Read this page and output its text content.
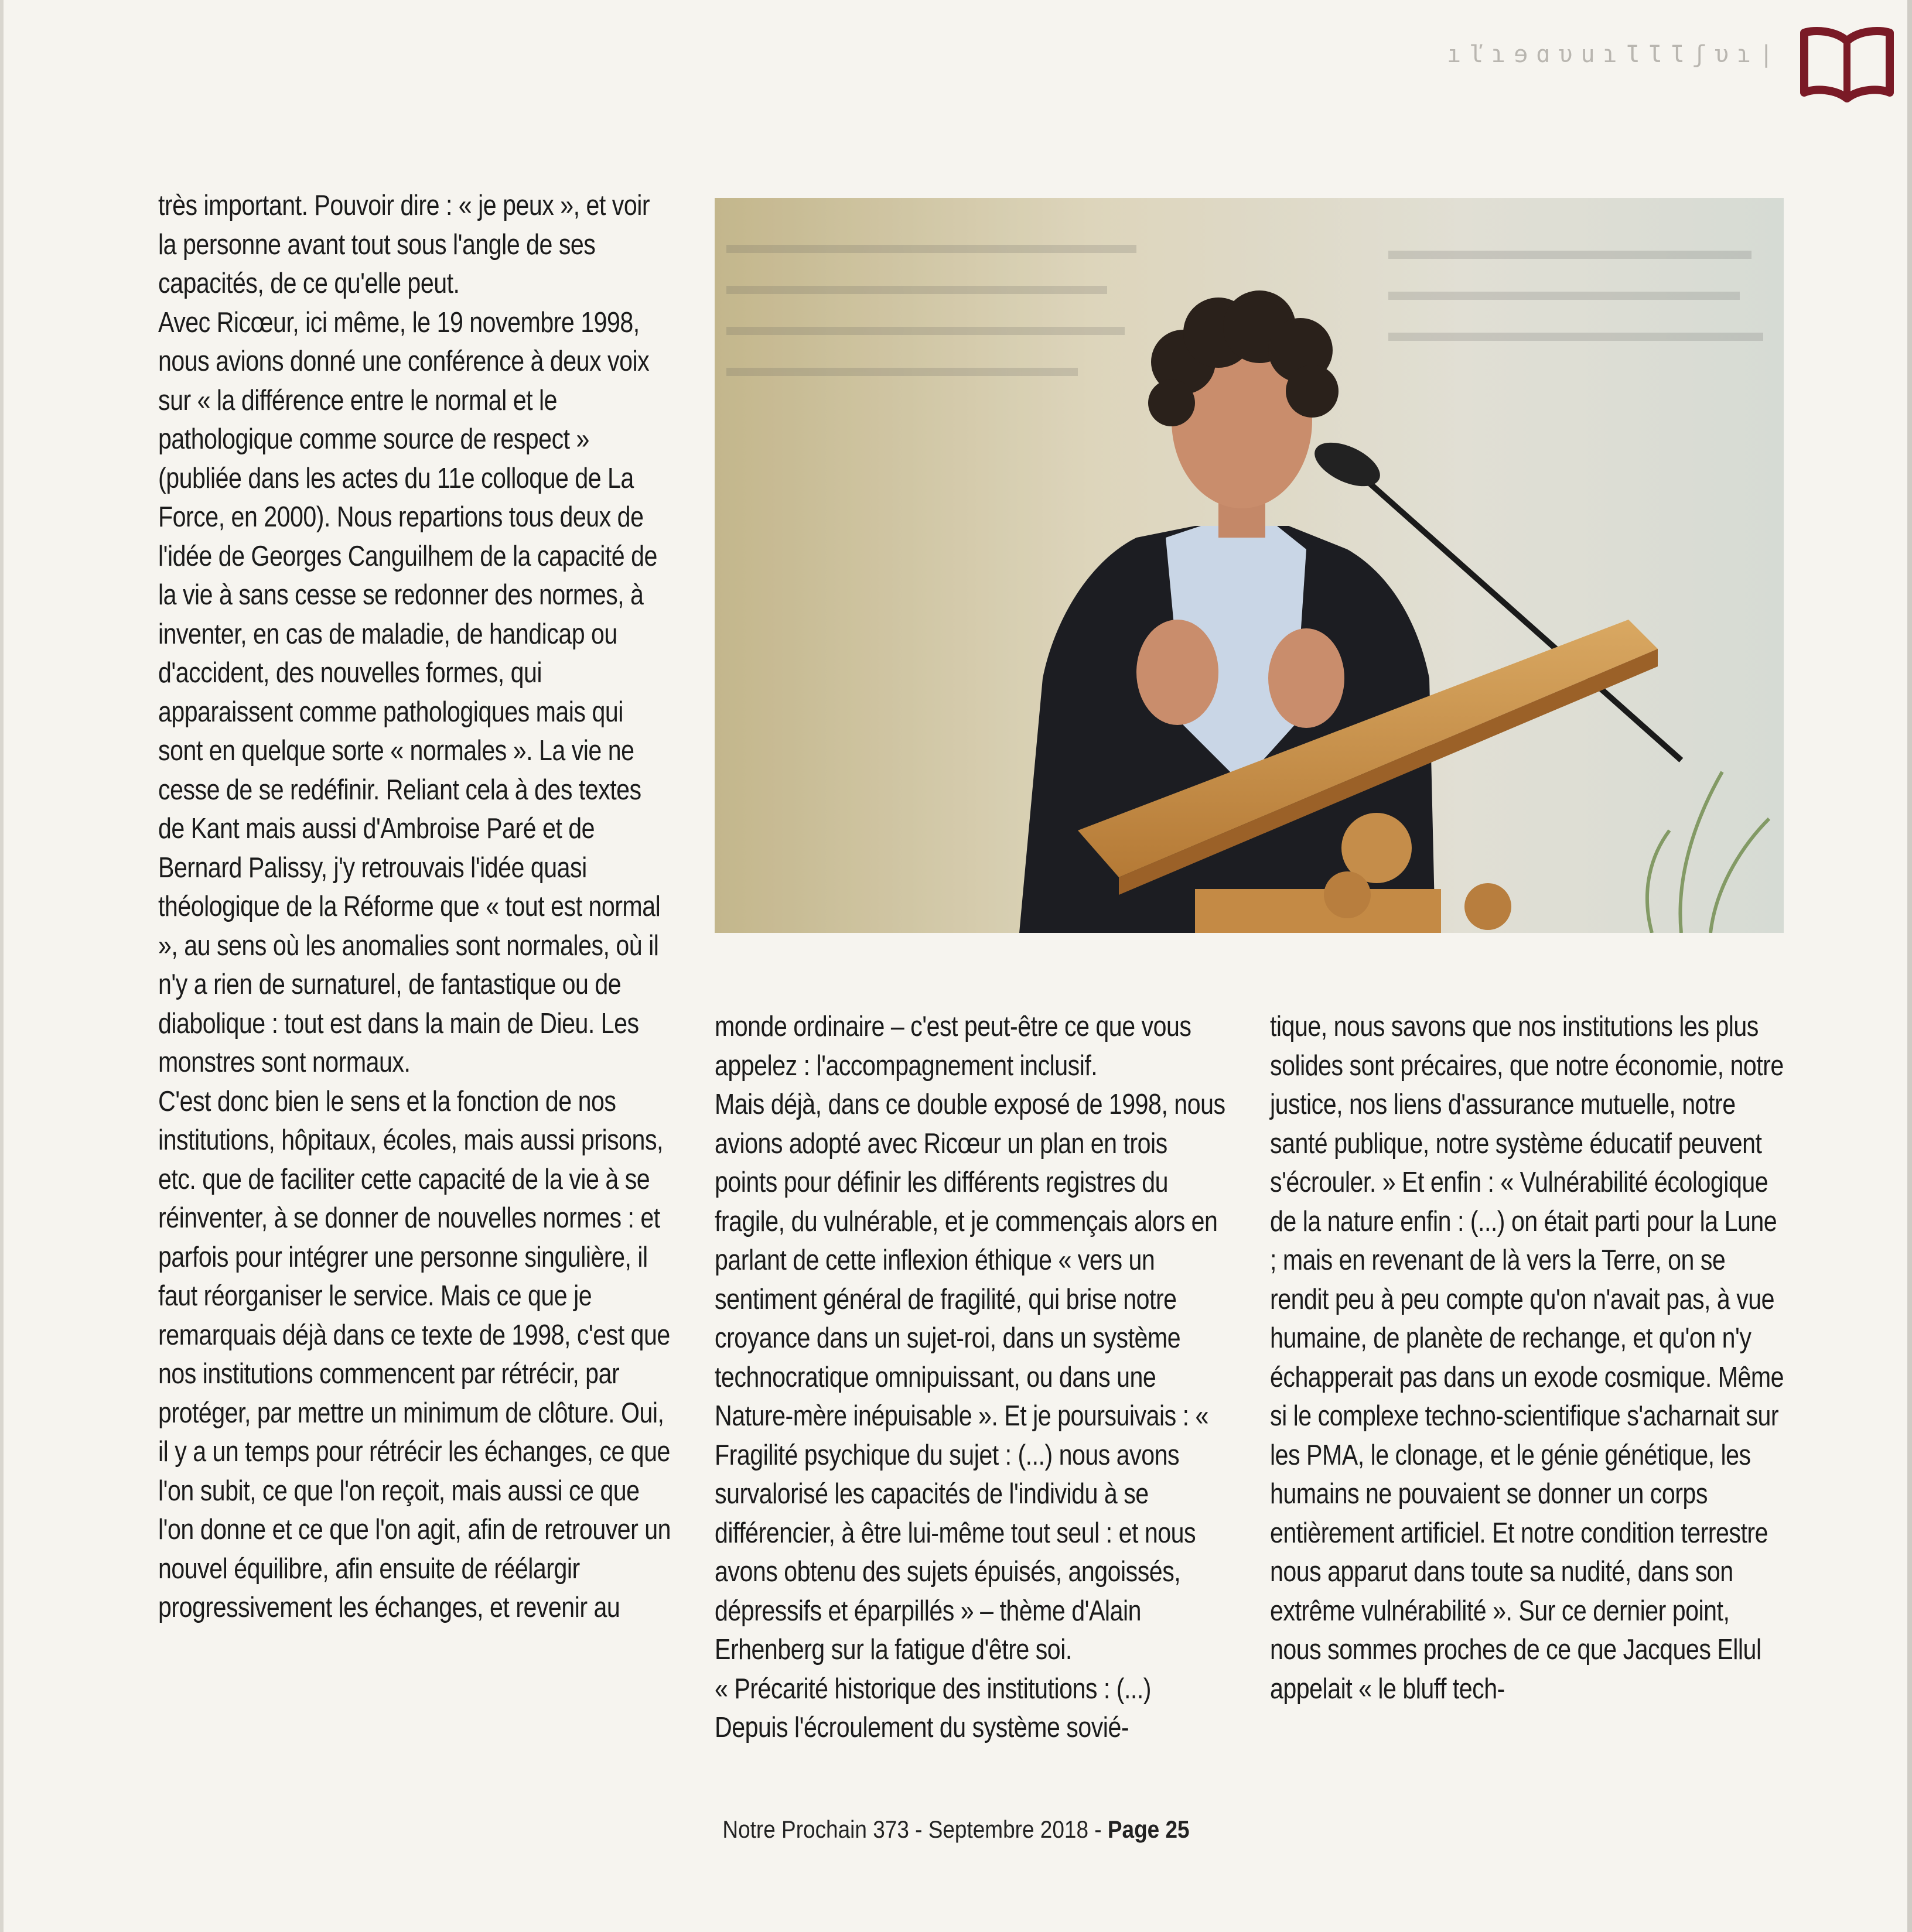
ıľɿɘɑυuɿƖƖƖʃυɿ|

très important. Pouvoir dire : « je peux », et voir la personne avant tout sous l'angle de ses capacités, de ce qu'elle peut.

Avec Ricœur, ici même, le 19 novembre 1998, nous avions donné une conférence à deux voix sur « la différence entre le normal et le pathologique comme source de respect » (publiée dans les actes du 11e colloque de La Force, en 2000). Nous repartions tous deux de l'idée de Georges Canguilhem de la capacité de la vie à sans cesse se redonner des normes, à inventer, en cas de maladie, de handicap ou d'accident, des nouvelles formes, qui apparaissent comme pathologiques mais qui sont en quelque sorte « normales ». La vie ne cesse de se redéfinir. Reliant cela à des textes de Kant mais aussi d'Ambroise Paré et de Bernard Palissy, j'y retrouvais l'idée quasi théologique de la Réforme que « tout est normal », au sens où les anomalies sont normales, où il n'y a rien de surnaturel, de fantastique ou de diabolique : tout est dans la main de Dieu. Les monstres sont normaux.

C'est donc bien le sens et la fonction de nos institutions, hôpitaux, écoles, mais aussi prisons, etc. que de faciliter cette capacité de la vie à se réinventer, à se donner de nouvelles normes : et parfois pour intégrer une personne singulière, il faut réorganiser le service. Mais ce que je remarquais déjà dans ce texte de 1998, c'est que nos institutions commencent par rétrécir, par protéger, par mettre un minimum de clôture. Oui, il y a un temps pour rétrécir les échanges, ce que l'on subit, ce que l'on reçoit, mais aussi ce que l'on donne et ce que l'on agit, afin de retrouver un nouvel équilibre, afin ensuite de réélargir progressivement les échanges, et revenir au

monde ordinaire – c'est peut-être ce que vous appelez : l'accompagnement inclusif.

Mais déjà, dans ce double exposé de 1998, nous avions adopté avec Ricœur un plan en trois points pour définir les différents registres du fragile, du vulnérable, et je commençais alors en parlant de cette inflexion éthique « vers un sentiment général de fragilité, qui brise notre croyance dans un sujet-roi, dans un système technocratique omnipuissant, ou dans une Nature-mère inépuisable ». Et je poursuivais : « Fragilité psychique du sujet : (...) nous avons survalorisé les capacités de l'individu à se différencier, à être lui-même tout seul : et nous avons obtenu des sujets épuisés, angoissés, dépressifs et éparpillés » – thème d'Alain Erhenberg sur la fatigue d'être soi.

« Précarité historique des institutions : (...) Depuis l'écroulement du système sovié-

tique, nous savons que nos institutions les plus solides sont précaires, que notre économie, notre justice, nos liens d'assurance mutuelle, notre santé publique, notre système éducatif peuvent s'écrouler. » Et enfin : « Vulnérabilité écologique de la nature enfin : (...) on était parti pour la Lune ; mais en revenant de là vers la Terre, on se rendit peu à peu compte qu'on n'avait pas, à vue humaine, de planète de rechange, et qu'on n'y échapperait pas dans un exode cosmique. Même si le complexe techno-scientifique s'acharnait sur les PMA, le clonage, et le génie génétique, les humains ne pouvaient se donner un corps entièrement artificiel. Et notre condition terrestre nous apparut dans toute sa nudité, dans son extrême vulnérabilité ». Sur ce dernier point, nous sommes proches de ce que Jacques Ellul appelait « le bluff tech-

Notre Prochain 373 - Septembre 2018 - Page 25
